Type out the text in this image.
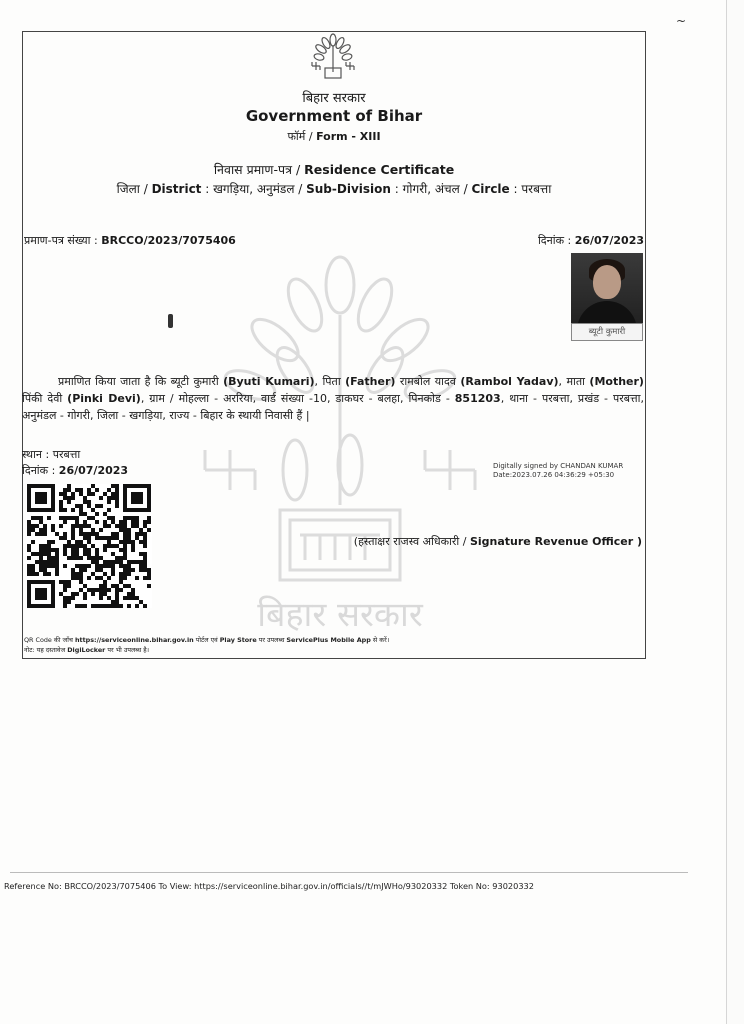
~
बिहार सरकार
Government of Bihar
फॉर्म / Form - XIII
निवास प्रमाण-पत्र / Residence Certificate
जिला / District : खगड़िया, अनुमंडल / Sub-Division : गोगरी, अंचल / Circle : परबत्ता
बिहार सरकार
प्रमाण-पत्र संख्या : BRCCO/2023/7075406	दिनांक : 26/07/2023
ब्यूटी कुमारी
प्रमाणित किया जाता है कि ब्यूटी कुमारी (Byuti Kumari), पिता (Father) रामबोल यादव (Rambol Yadav), माता (Mother) पिंकी देवी (Pinki Devi), ग्राम / मोहल्ला - अररिया, वार्ड संख्या -10, डाकघर - बलहा, पिनकोड - 851203, थाना - परबत्ता, प्रखंड - परबत्ता, अनुमंडल - गोगरी, जिला - खगड़िया, राज्य - बिहार के स्थायी निवासी हैं |
स्थान : परबत्ता
दिनांक : 26/07/2023	Digitally signed by CHANDAN KUMAR
Date:2023.07.26 04:36:29 +05:30
(हस्ताक्षर राजस्व अधिकारी / Signature Revenue Officer )
QR Code की जाँच https://serviceonline.bihar.gov.in पोर्टल एवं Play Store पर उपलब्ध ServicePlus Mobile App से करें।
नोट: यह दस्तावेज DigiLocker पर भी उपलब्ध है।
Reference No: BRCCO/2023/7075406 To View: https://serviceonline.bihar.gov.in/officials//t/mJWHo/93020332 Token No: 93020332
